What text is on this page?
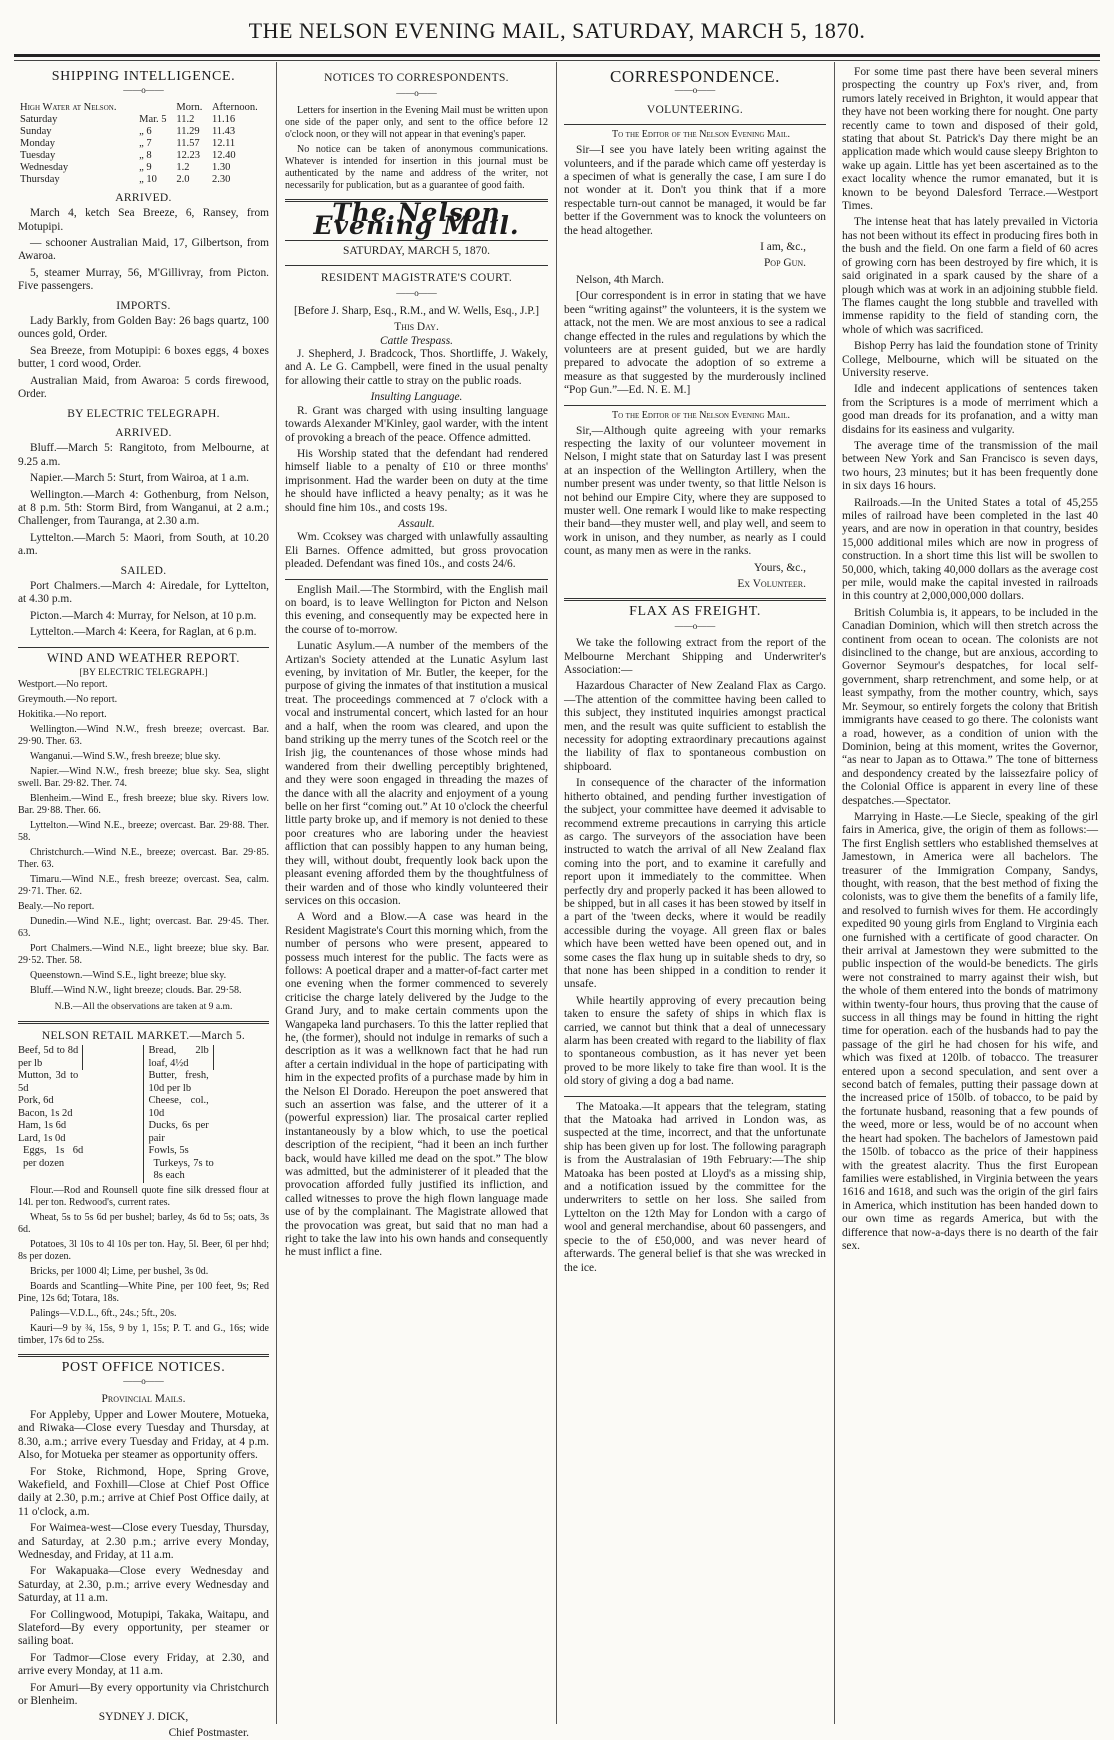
THE NELSON EVENING MAIL, SATURDAY, MARCH 5, 1870.
SHIPPING INTELLIGENCE.
——o——
High Water at Nelson.		Morn.	Afternoon.
Saturday	Mar. 5	11.2	11.16
Sunday	„ 6	11.29	11.43
Monday	„ 7	11.57	12.11
Tuesday	„ 8	12.23	12.40
Wednesday	„ 9	1.2	1.30
Thursday	„ 10	2.0	2.30
ARRIVED.

March 4, ketch Sea Breeze, 6, Ransey, from Motupipi.

— schooner Australian Maid, 17, Gilbertson, from Awaroa.

5, steamer Murray, 56, M'Gillivray, from Picton. Five passengers.

IMPORTS.

Lady Barkly, from Golden Bay: 26 bags quartz, 100 ounces gold, Order.

Sea Breeze, from Motupipi: 6 boxes eggs, 4 boxes butter, 1 cord wood, Order.

Australian Maid, from Awaroa: 5 cords firewood, Order.

BY ELECTRIC TELEGRAPH.
ARRIVED.

Bluff.—March 5: Rangitoto, from Melbourne, at 9.25 a.m.

Napier.—March 5: Sturt, from Wairoa, at 1 a.m.

Wellington.—March 4: Gothenburg, from Nelson, at 8 p.m. 5th: Storm Bird, from Wanganui, at 2 a.m.; Challenger, from Tauranga, at 2.30 a.m.

Lyttelton.—March 5: Maori, from South, at 10.20 a.m.

SAILED.

Port Chalmers.—March 4: Airedale, for Lyttelton, at 4.30 p.m.

Picton.—March 4: Murray, for Nelson, at 10 p.m.

Lyttelton.—March 4: Keera, for Raglan, at 6 p.m.

WIND AND WEATHER REPORT.
[BY ELECTRIC TELEGRAPH.]

Westport.—No report.

Greymouth.—No report.

Hokitika.—No report.

Wellington.—Wind N.W., fresh breeze; overcast. Bar. 29·90. Ther. 63.

Wanganui.—Wind S.W., fresh breeze; blue sky.

Napier.—Wind N.W., fresh breeze; blue sky. Sea, slight swell. Bar. 29·82. Ther. 74.

Blenheim.—Wind E., fresh breeze; blue sky. Rivers low. Bar. 29·88. Ther. 66.

Lyttelton.—Wind N.E., breeze; overcast. Bar. 29·88. Ther. 58.

Christchurch.—Wind N.E., breeze; overcast. Bar. 29·85. Ther. 63.

Timaru.—Wind N.E., fresh breeze; overcast. Sea, calm. 29·71. Ther. 62.

Bealy.—No report.

Dunedin.—Wind N.E., light; overcast. Bar. 29·45. Ther. 63.

Port Chalmers.—Wind N.E., light breeze; blue sky. Bar. 29·52. Ther. 58.

Queenstown.—Wind S.E., light breeze; blue sky.

Bluff.—Wind N.W., light breeze; clouds. Bar. 29·58.

N.B.—All the observations are taken at 9 a.m.
NELSON RETAIL MARKET.—March 5.
Beef, 5d to 8d per lb
Mutton, 3d to 5d
Pork, 6d
Bacon, 1s 2d
Ham, 1s 6d
Lard, 1s 0d
Eggs, 1s 6d per dozen
Bread, 2lb loaf, 4½d
Butter, fresh, 10d per lb
Cheese, col., 10d
Ducks, 6s per pair
Fowls, 5s
Turkeys, 7s to 8s each

Flour.—Rod and Rounsell quote fine silk dressed flour at 14l. per ton. Redwood's, current rates.

Wheat, 5s to 5s 6d per bushel; barley, 4s 6d to 5s; oats, 3s 6d.

Potatoes, 3l 10s to 4l 10s per ton. Hay, 5l. Beer, 6l per hhd; 8s per dozen.

Bricks, per 1000 4l; Lime, per bushel, 3s 0d.

Boards and Scantling—White Pine, per 100 feet, 9s; Red Pine, 12s 6d; Totara, 18s.

Palings—V.D.L., 6ft., 24s.; 5ft., 20s.

Kauri—9 by ¾, 15s, 9 by 1, 15s; P. T. and G., 16s; wide timber, 17s 6d to 25s.

POST OFFICE NOTICES.
——o——
Provincial Mails.

For Appleby, Upper and Lower Moutere, Motueka, and Riwaka—Close every Tuesday and Thursday, at 8.30, a.m.; arrive every Tuesday and Friday, at 4 p.m. Also, for Motueka per steamer as opportunity offers.

For Stoke, Richmond, Hope, Spring Grove, Wakefield, and Foxhill—Close at Chief Post Office daily at 2.30, p.m.; arrive at Chief Post Office daily, at 11 o'clock, a.m.

For Waimea-west—Close every Tuesday, Thursday, and Saturday, at 2.30 p.m.; arrive every Monday, Wednesday, and Friday, at 11 a.m.

For Wakapuaka—Close every Wednesday and Saturday, at 2.30, p.m.; arrive every Wednesday and Saturday, at 11 a.m.

For Collingwood, Motupipi, Takaka, Waitapu, and Slateford—By every opportunity, per steamer or sailing boat.

For Tadmor—Close every Friday, at 2.30, and arrive every Monday, at 11 a.m.

For Amuri—By every opportunity via Christchurch or Blenheim.

SYDNEY J. DICK,
Chief Postmaster.
NOTICES TO CORRESPONDENTS.
——o——

Letters for insertion in the Evening Mail must be written upon one side of the paper only, and sent to the office before 12 o'clock noon, or they will not appear in that evening's paper.

No notice can be taken of anonymous communications. Whatever is intended for insertion in this journal must be authenticated by the name and address of the writer, not necessarily for publication, but as a guarantee of good faith.

The Nelson Evening Mail.
SATURDAY, MARCH 5, 1870.
RESIDENT MAGISTRATE'S COURT.
——o——

[Before J. Sharp, Esq., R.M., and W. Wells, Esq., J.P.]

This Day.
Cattle Trespass.

J. Shepherd, J. Bradcock, Thos. Shortliffe, J. Wakely, and A. Le G. Campbell, were fined in the usual penalty for allowing their cattle to stray on the public roads.

Insulting Language.

R. Grant was charged with using insulting language towards Alexander M'Kinley, gaol warder, with the intent of provoking a breach of the peace. Offence admitted.

His Worship stated that the defendant had rendered himself liable to a penalty of £10 or three months' imprisonment. Had the warder been on duty at the time he should have inflicted a heavy penalty; as it was he should fine him 10s., and costs 19s.

Assault.

Wm. Ccoksey was charged with unlawfully assaulting Eli Barnes. Offence admitted, but gross provocation pleaded. Defendant was fined 10s., and costs 24/6.

English Mail.—The Stormbird, with the English mail on board, is to leave Wellington for Picton and Nelson this evening, and consequently may be expected here in the course of to-morrow.

Lunatic Asylum.—A number of the members of the Artizan's Society attended at the Lunatic Asylum last evening, by invitation of Mr. Butler, the keeper, for the purpose of giving the inmates of that institution a musical treat. The proceedings commenced at 7 o'clock with a vocal and instrumental concert, which lasted for an hour and a half, when the room was cleared, and upon the band striking up the merry tunes of the Scotch reel or the Irish jig, the countenances of those whose minds had wandered from their dwelling perceptibly brightened, and they were soon engaged in threading the mazes of the dance with all the alacrity and enjoyment of a young belle on her first “coming out.” At 10 o'clock the cheerful little party broke up, and if memory is not denied to these poor creatures who are laboring under the heaviest affliction that can possibly happen to any human being, they will, without doubt, frequently look back upon the pleasant evening afforded them by the thoughtfulness of their warden and of those who kindly volunteered their services on this occasion.

A Word and a Blow.—A case was heard in the Resident Magistrate's Court this morning which, from the number of persons who were present, appeared to possess much interest for the public. The facts were as follows: A poetical draper and a matter-of-fact carter met one evening when the former commenced to severely criticise the charge lately delivered by the Judge to the Grand Jury, and to make certain comments upon the Wangapeka land purchasers. To this the latter replied that he, (the former), should not indulge in remarks of such a description as it was a wellknown fact that he had run after a certain individual in the hope of participating with him in the expected profits of a purchase made by him in the Nelson El Dorado. Hereupon the poet answered that such an assertion was false, and the utterer of it a (powerful expression) liar. The prosaical carter replied instantaneously by a blow which, to use the poetical description of the recipient, “had it been an inch further back, would have killed me dead on the spot.” The blow was admitted, but the administerer of it pleaded that the provocation afforded fully justified its infliction, and called witnesses to prove the high flown language made use of by the complainant. The Magistrate allowed that the provocation was great, but said that no man had a right to take the law into his own hands and consequently he must inflict a fine.

CORRESPONDENCE.
——o——
VOLUNTEERING.

To the Editor of the Nelson Evening Mail.

Sir—I see you have lately been writing against the volunteers, and if the parade which came off yesterday is a specimen of what is generally the case, I am sure I do not wonder at it. Don't you think that if a more respectable turn-out cannot be managed, it would be far better if the Government was to knock the volunteers on the head altogether.

I am, &c.,
Pop Gun.

Nelson, 4th March.

[Our correspondent is in error in stating that we have been “writing against” the volunteers, it is the system we attack, not the men. We are most anxious to see a radical change effected in the rules and regulations by which the volunteers are at present guided, but we are hardly prepared to advocate the adoption of so extreme a measure as that suggested by the murderously inclined “Pop Gun.”—Ed. N. E. M.]

To the Editor of the Nelson Evening Mail.

Sir,—Although quite agreeing with your remarks respecting the laxity of our volunteer movement in Nelson, I might state that on Saturday last I was present at an inspection of the Wellington Artillery, when the number present was under twenty, so that little Nelson is not behind our Empire City, where they are supposed to muster well. One remark I would like to make respecting their band—they muster well, and play well, and seem to work in unison, and they number, as nearly as I could count, as many men as were in the ranks.

Yours, &c.,
Ex Volunteer.
FLAX AS FREIGHT.
——o——

We take the following extract from the report of the Melbourne Merchant Shipping and Underwriter's Association:—

Hazardous Character of New Zealand Flax as Cargo.—The attention of the committee having been called to this subject, they instituted inquiries amongst practical men, and the result was quite sufficient to establish the necessity for adopting extraordinary precautions against the liability of flax to spontaneous combustion on shipboard.

In consequence of the character of the information hitherto obtained, and pending further investigation of the subject, your committee have deemed it advisable to recommend extreme precautions in carrying this article as cargo. The surveyors of the association have been instructed to watch the arrival of all New Zealand flax coming into the port, and to examine it carefully and report upon it immediately to the committee. When perfectly dry and properly packed it has been allowed to be shipped, but in all cases it has been stowed by itself in a part of the 'tween decks, where it would be readily accessible during the voyage. All green flax or bales which have been wetted have been opened out, and in some cases the flax hung up in suitable sheds to dry, so that none has been shipped in a condition to render it unsafe.

While heartily approving of every precaution being taken to ensure the safety of ships in which flax is carried, we cannot but think that a deal of unnecessary alarm has been created with regard to the liability of flax to spontaneous combustion, as it has never yet been proved to be more likely to take fire than wool. It is the old story of giving a dog a bad name.

The Matoaka.—It appears that the telegram, stating that the Matoaka had arrived in London was, as suspected at the time, incorrect, and that the unfortunate ship has been given up for lost. The following paragraph is from the Australasian of 19th February:—The ship Matoaka has been posted at Lloyd's as a missing ship, and a notification issued by the committee for the underwriters to settle on her loss. She sailed from Lyttelton on the 12th May for London with a cargo of wool and general merchandise, about 60 passengers, and specie to the of £50,000, and was never heard of afterwards. The general belief is that she was wrecked in the ice.

For some time past there have been several miners prospecting the country up Fox's river, and, from rumors lately received in Brighton, it would appear that they have not been working there for nought. One party recently came to town and disposed of their gold, stating that about St. Patrick's Day there might be an application made which would cause sleepy Brighton to wake up again. Little has yet been ascertained as to the exact locality whence the rumor emanated, but it is known to be beyond Dalesford Terrace.—Westport Times.

The intense heat that has lately prevailed in Victoria has not been without its effect in producing fires both in the bush and the field. On one farm a field of 60 acres of growing corn has been destroyed by fire which, it is said originated in a spark caused by the share of a plough which was at work in an adjoining stubble field. The flames caught the long stubble and travelled with immense rapidity to the field of standing corn, the whole of which was sacrificed.

Bishop Perry has laid the foundation stone of Trinity College, Melbourne, which will be situated on the University reserve.

Idle and indecent applications of sentences taken from the Scriptures is a mode of merriment which a good man dreads for its profanation, and a witty man disdains for its easiness and vulgarity.

The average time of the transmission of the mail between New York and San Francisco is seven days, two hours, 23 minutes; but it has been frequently done in six days 16 hours.

Railroads.—In the United States a total of 45,255 miles of railroad have been completed in the last 40 years, and are now in operation in that country, besides 15,000 additional miles which are now in progress of construction. In a short time this list will be swollen to 50,000, which, taking 40,000 dollars as the average cost per mile, would make the capital invested in railroads in this country at 2,000,000,000 dollars.

British Columbia is, it appears, to be included in the Canadian Dominion, which will then stretch across the continent from ocean to ocean. The colonists are not disinclined to the change, but are anxious, according to Governor Seymour's despatches, for local self-government, sharp retrenchment, and some help, or at least sympathy, from the mother country, which, says Mr. Seymour, so entirely forgets the colony that British immigrants have ceased to go there. The colonists want a road, however, as a condition of union with the Dominion, being at this moment, writes the Governor, “as near to Japan as to Ottawa.” The tone of bitterness and despondency created by the laissezfaire policy of the Colonial Office is apparent in every line of these despatches.—Spectator.

Marrying in Haste.—Le Siecle, speaking of the girl fairs in America, give, the origin of them as follows:—The first English settlers who established themselves at Jamestown, in America were all bachelors. The treasurer of the Immigration Company, Sandys, thought, with reason, that the best method of fixing the colonists, was to give them the benefits of a family life, and resolved to furnish wives for them. He accordingly expedited 90 young girls from England to Virginia each one furnished with a certificate of good character. On their arrival at Jamestown they were submitted to the public inspection of the would-be benedicts. The girls were not constrained to marry against their wish, but the whole of them entered into the bonds of matrimony within twenty-four hours, thus proving that the cause of success in all things may be found in hitting the right time for operation. each of the husbands had to pay the passage of the girl he had chosen for his wife, and which was fixed at 120lb. of tobacco. The treasurer entered upon a second speculation, and sent over a second batch of females, putting their passage down at the increased price of 150lb. of tobacco, to be paid by the fortunate husband, reasoning that a few pounds of the weed, more or less, would be of no account when the heart had spoken. The bachelors of Jamestown paid the 150lb. of tobacco as the price of their happiness with the greatest alacrity. Thus the first European families were established, in Virginia between the years 1616 and 1618, and such was the origin of the girl fairs in America, which institution has been handed down to our own time as regards America, but with the difference that now-a-days there is no dearth of the fair sex.
